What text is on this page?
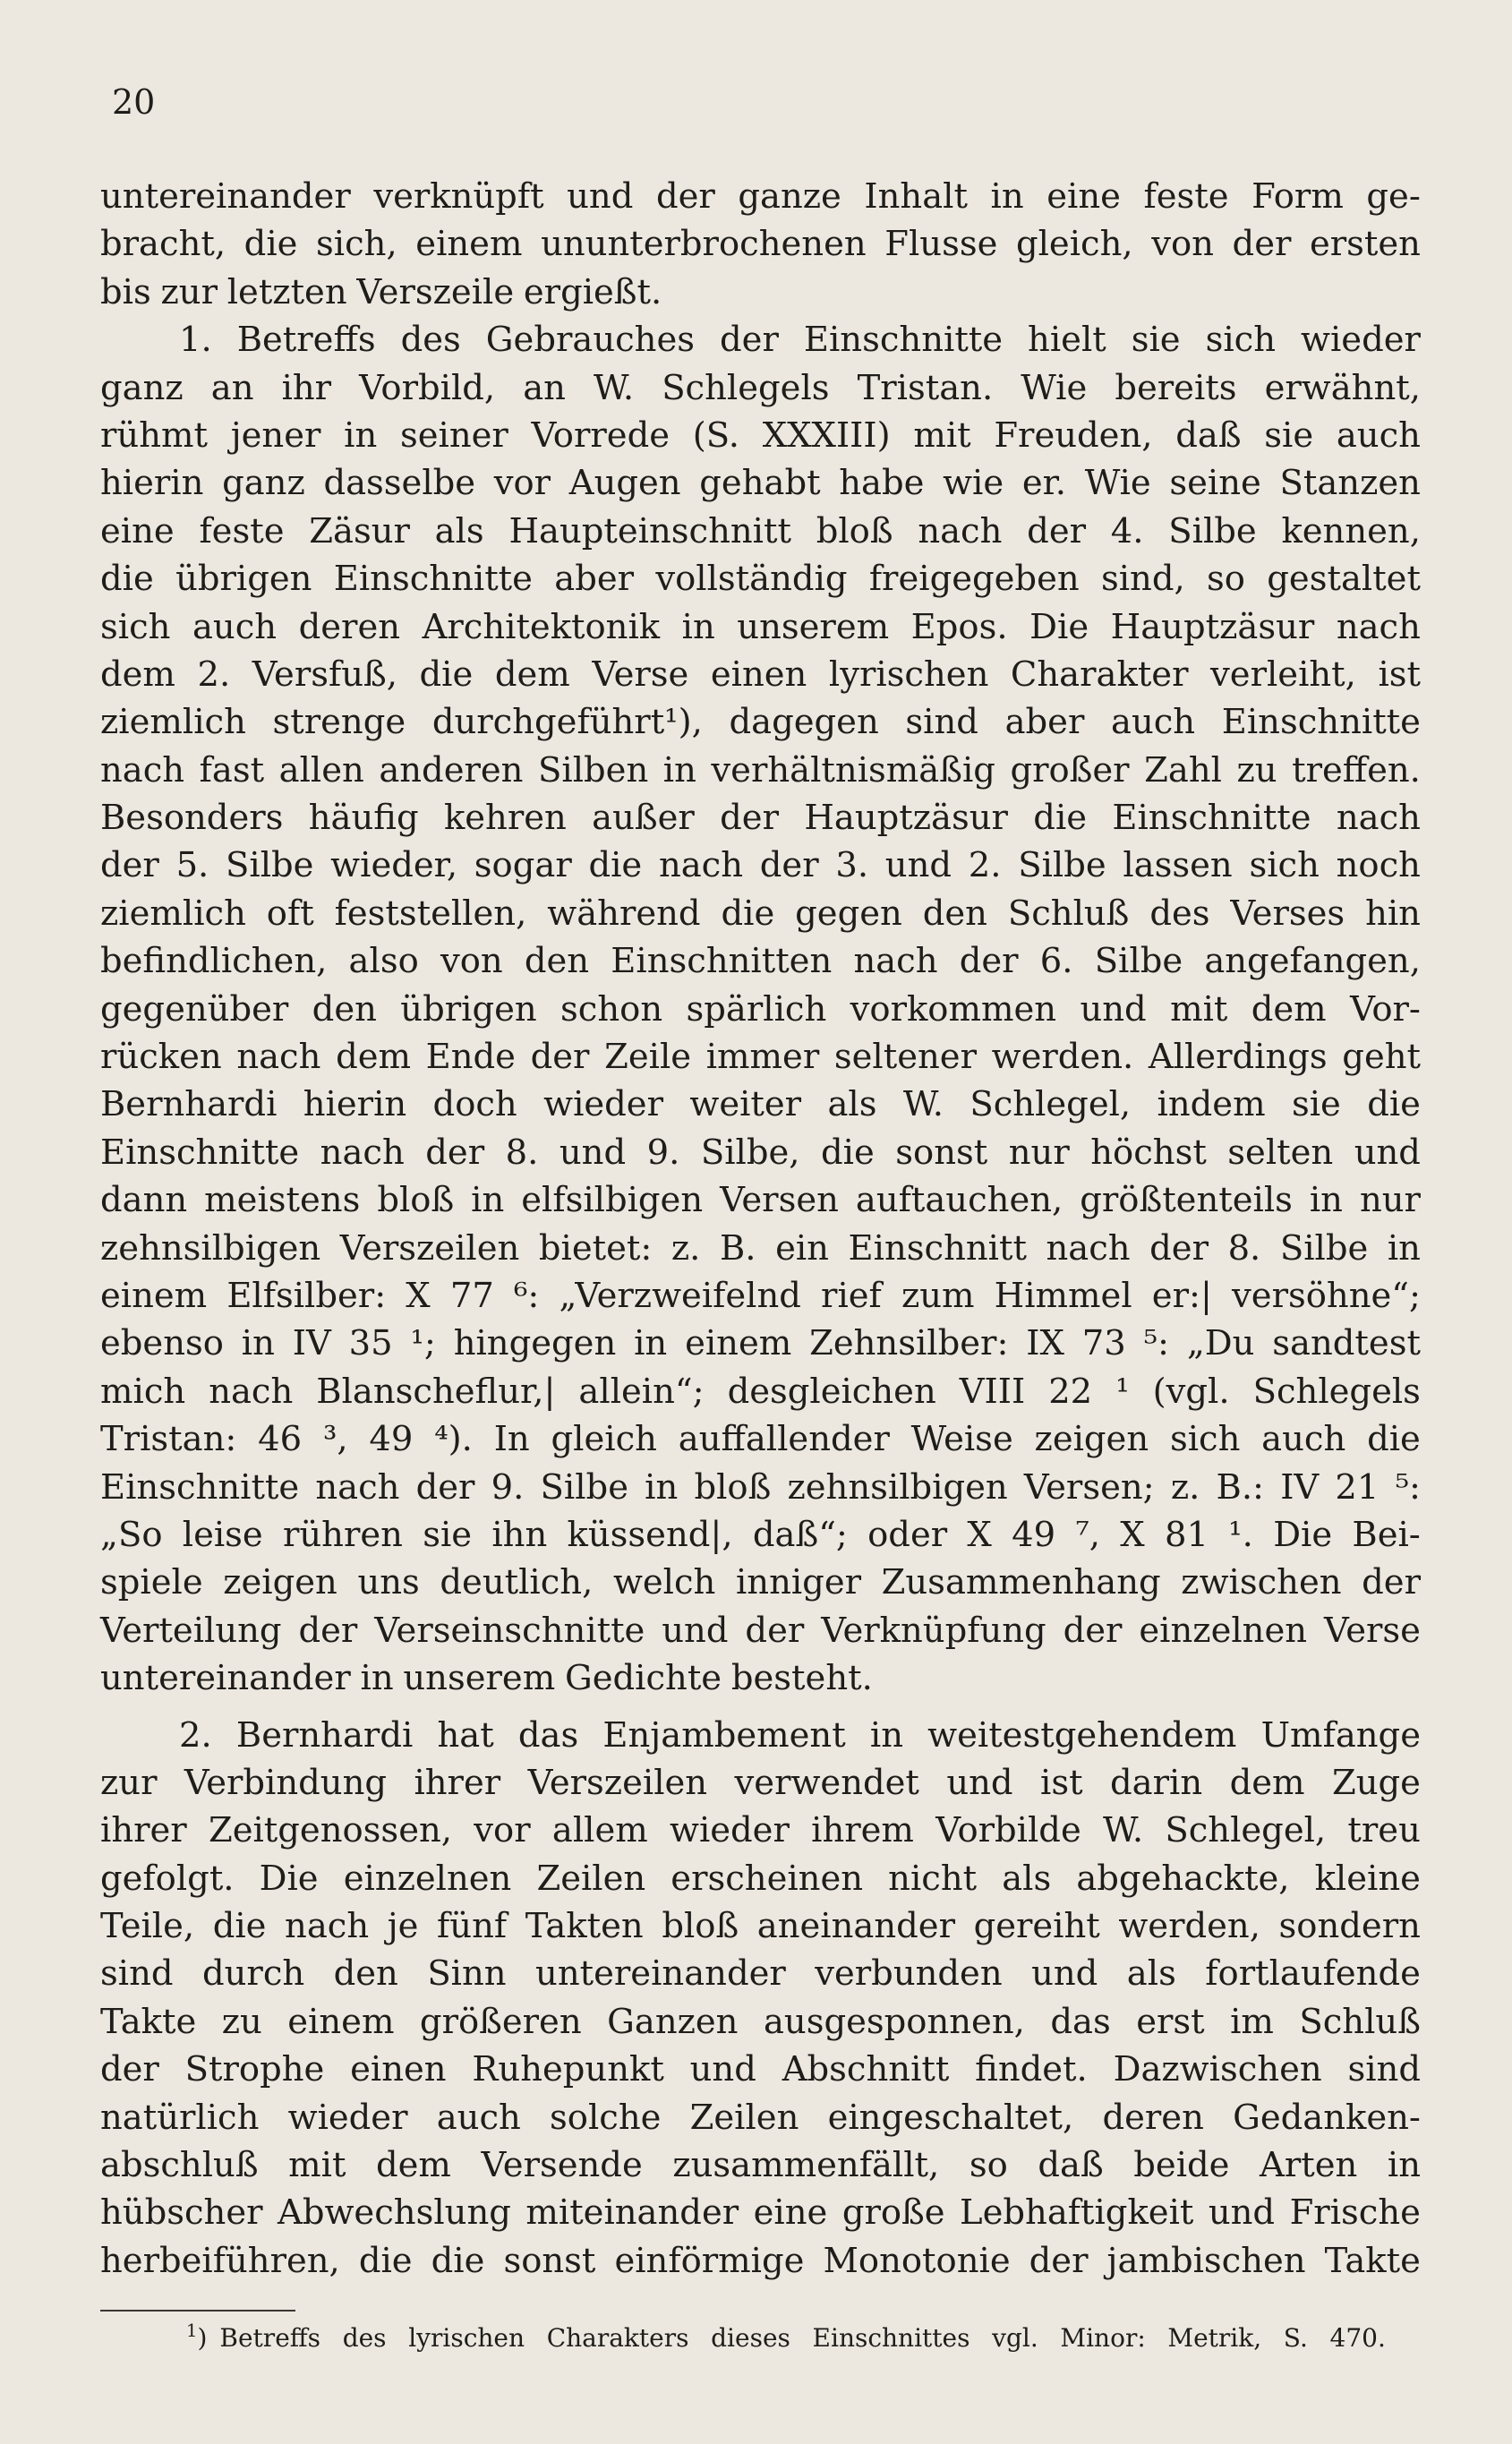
20
untereinander verknüpft und der ganze Inhalt in eine feste Form ge-
bracht, die sich, einem ununterbrochenen Flusse gleich, von der ersten
bis zur letzten Verszeile ergießt.
1. Betreffs des Gebrauches der Einschnitte hielt sie sich wieder
ganz an ihr Vorbild, an W. Schlegels Tristan. Wie bereits erwähnt,
rühmt jener in seiner Vorrede (S. XXXIII) mit Freuden, daß sie auch
hierin ganz dasselbe vor Augen gehabt habe wie er. Wie seine Stanzen
eine feste Zäsur als Haupteinschnitt bloß nach der 4. Silbe kennen,
die übrigen Einschnitte aber vollständig freigegeben sind, so gestaltet
sich auch deren Architektonik in unserem Epos. Die Hauptzäsur nach
dem 2. Versfuß, die dem Verse einen lyrischen Charakter verleiht, ist
ziemlich strenge durchgeführt¹), dagegen sind aber auch Einschnitte
nach fast allen anderen Silben in verhältnismäßig großer Zahl zu treffen.
Besonders häufig kehren außer der Hauptzäsur die Einschnitte nach
der 5. Silbe wieder, sogar die nach der 3. und 2. Silbe lassen sich noch
ziemlich oft feststellen, während die gegen den Schluß des Verses hin
befindlichen, also von den Einschnitten nach der 6. Silbe angefangen,
gegenüber den übrigen schon spärlich vorkommen und mit dem Vor-
rücken nach dem Ende der Zeile immer seltener werden. Allerdings geht
Bernhardi hierin doch wieder weiter als W. Schlegel, indem sie die
Einschnitte nach der 8. und 9. Silbe, die sonst nur höchst selten und
dann meistens bloß in elfsilbigen Versen auftauchen, größtenteils in nur
zehnsilbigen Verszeilen bietet: z. B. ein Einschnitt nach der 8. Silbe in
einem Elfsilber: X 77 ⁶: „Verzweifelnd rief zum Himmel er:| versöhne“;
ebenso in IV 35 ¹; hingegen in einem Zehnsilber: IX 73 ⁵: „Du sandtest
mich nach Blanscheflur,| allein“; desgleichen VIII 22 ¹ (vgl. Schlegels
Tristan: 46 ³, 49 ⁴). In gleich auffallender Weise zeigen sich auch die
Einschnitte nach der 9. Silbe in bloß zehnsilbigen Versen; z. B.: IV 21 ⁵:
„So leise rühren sie ihn küssend|, daß“; oder X 49 ⁷, X 81 ¹. Die Bei-
spiele zeigen uns deutlich, welch inniger Zusammenhang zwischen der
Verteilung der Verseinschnitte und der Verknüpfung der einzelnen Verse
untereinander in unserem Gedichte besteht.
2. Bernhardi hat das Enjambement in weitestgehendem Umfange
zur Verbindung ihrer Verszeilen verwendet und ist darin dem Zuge
ihrer Zeitgenossen, vor allem wieder ihrem Vorbilde W. Schlegel, treu
gefolgt. Die einzelnen Zeilen erscheinen nicht als abgehackte, kleine
Teile, die nach je fünf Takten bloß aneinander gereiht werden, sondern
sind durch den Sinn untereinander verbunden und als fortlaufende
Takte zu einem größeren Ganzen ausgesponnen, das erst im Schluß
der Strophe einen Ruhepunkt und Abschnitt findet. Dazwischen sind
natürlich wieder auch solche Zeilen eingeschaltet, deren Gedanken-
abschluß mit dem Versende zusammenfällt, so daß beide Arten in
hübscher Abwechslung miteinander eine große Lebhaftigkeit und Frische
herbeiführen, die die sonst einförmige Monotonie der jambischen Takte
$^1$) Betreffs des lyrischen Charakters dieses Einschnittes vgl. Minor: Metrik, S. 470.
